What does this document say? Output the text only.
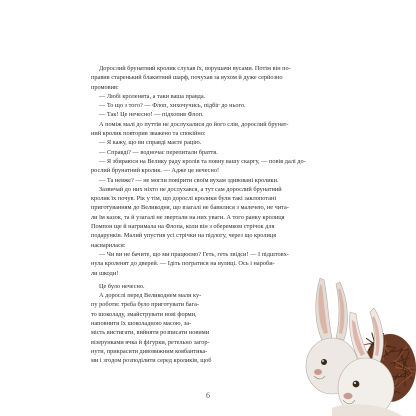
Дорослий брунатний кролик слухав їх, ворушачи вусами. Потім він по-
правив старенький блакитний шарф, почухав за вухом й дуже серйозно
промовив:
— Любі кроленята, а таки ваша правда.
— То що з того? — Флоп, хихочучись, підбіг до нього.
— Так! Це нечесно! — підхопив Флоп.
А поміж малі до путтів не дослухалися до його слів, дорослий брунат-
ний кролик повторив зважено та спокійно:
— Я кажу, що ви справді маєте рацію.
— Справді? — водночас перепитали браття.
— Я збираюся на Велику раду кролів та повну вашу скаргу, — повів далі до-
рослий брунатний кролик. — Адже це нечесно!
— Та невже? — не могли повірити своїм вухам здивовані кролики.
Зазвичай до них ніхто не дослухався, а тут сам дорослий брунатний
кролик їх почув. Рік у тім, що дорослі кролики були такі заклопотані
приготуванням до Великодня, що взагалі не бавилися з малечею, не чита-
ли їм казок, та й узагалі не звертали на них уваги. А того ранку кролиця
Помпон ще й нагримала на Флопа, коли він з оберемком стрічок для
подарунків. Малий упустив усі стрічки на підлогу, через що кролиця
насварилася:
— Чи ви не бачите, що ми працюємо? Геть, геть звідси! — І підштовх-
нула кроленят до дверей. — Ідіть погратися на вулиці. Ось і нароби-
ли шкоди!
Це було нечесно.
А дорослі перед Великоднем мали ку-
пу роботи: треба було приготувати бага-
то шоколаду, змайструвати нові форми,
наповнити їх шоколадною масою, за-
мість вистигати, вийняти розписати новими
візерунками ячка й фігурки, ретельно загор-
нути, прикрасити дивовижним ковбантика-
ми і згодом розподілити серед кроликів, щоб
6
